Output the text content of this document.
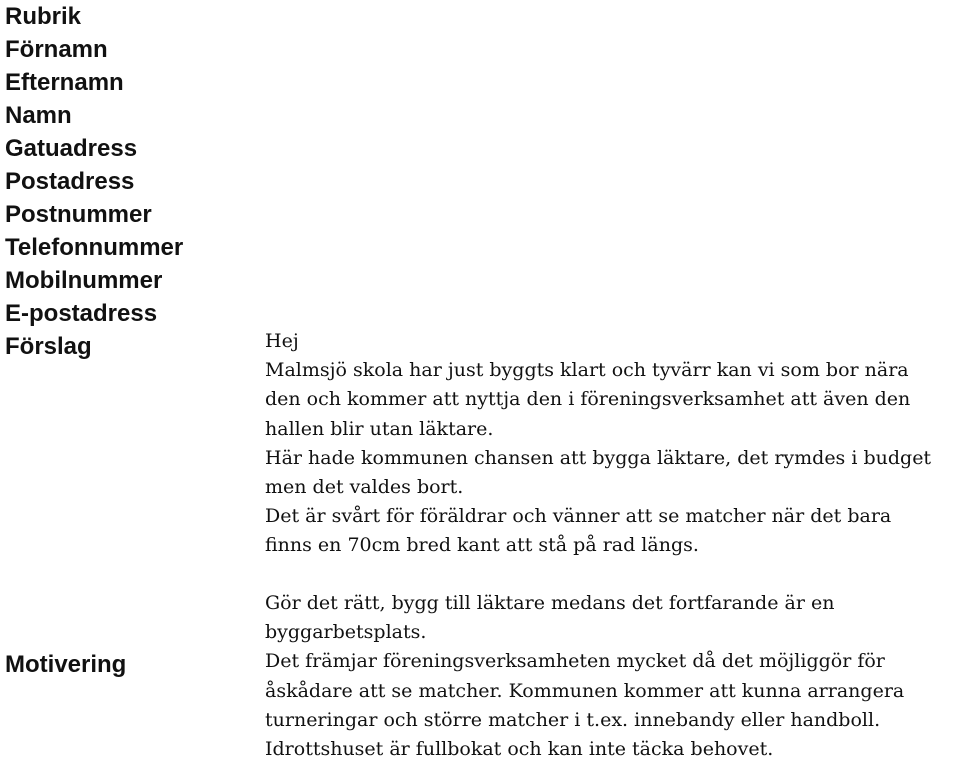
Rubrik
Förnamn
Efternamn
Namn
Gatuadress
Postadress
Postnummer
Telefonnummer
Mobilnummer
E-postadress
Förslag	Hej
Malmsjö skola har just byggts klart och tyvärr kan vi som bor nära
den och kommer att nyttja den i föreningsverksamhet att även den
hallen blir utan läktare.
Här hade kommunen chansen att bygga läktare, det rymdes i budget
men det valdes bort.
Det är svårt för föräldrar och vänner att se matcher när det bara
finns en 70cm bred kant att stå på rad längs.
Motivering
Gör det rätt, bygg till läktare medans det fortfarande är en
byggarbetsplats.
Det främjar föreningsverksamheten mycket då det möjliggör för
åskådare att se matcher. Kommunen kommer att kunna arrangera
turneringar och större matcher i t.ex. innebandy eller handboll.
Idrottshuset är fullbokat och kan inte täcka behovet.
